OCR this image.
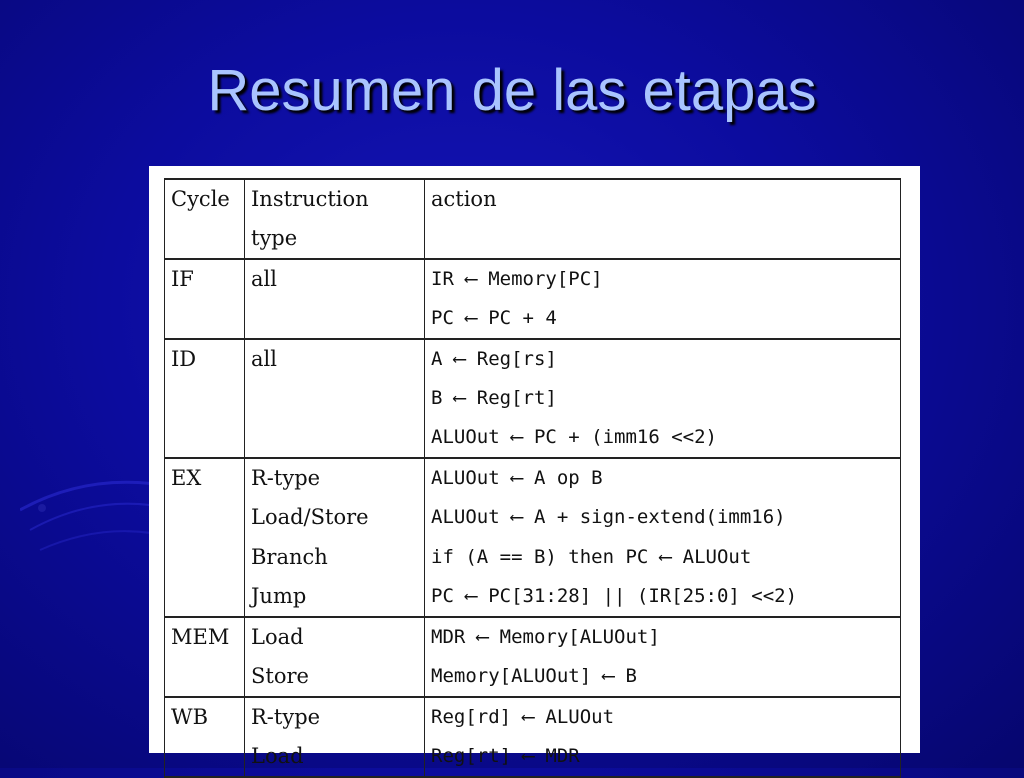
Resumen de las etapas
Cycle	Instruction type	action
IF	all	IR ⟵ Memory[PC]
		PC ⟵ PC + 4
ID	all	A ⟵ Reg[rs]
		B ⟵ Reg[rt]
		ALUOut ⟵ PC + (imm16 <<2)
EX	R-type	ALUOut ⟵ A op B
	Load/Store	ALUOut ⟵ A + sign-extend(imm16)
	Branch	if (A == B) then PC ⟵ ALUOut
	Jump	PC ⟵ PC[31:28] || (IR[25:0] <<2)
MEM	Load	MDR ⟵ Memory[ALUOut]
	Store	Memory[ALUOut] ⟵ B
WB	R-type	Reg[rd] ⟵ ALUOut
	Load	Reg[rt] ⟵ MDR
